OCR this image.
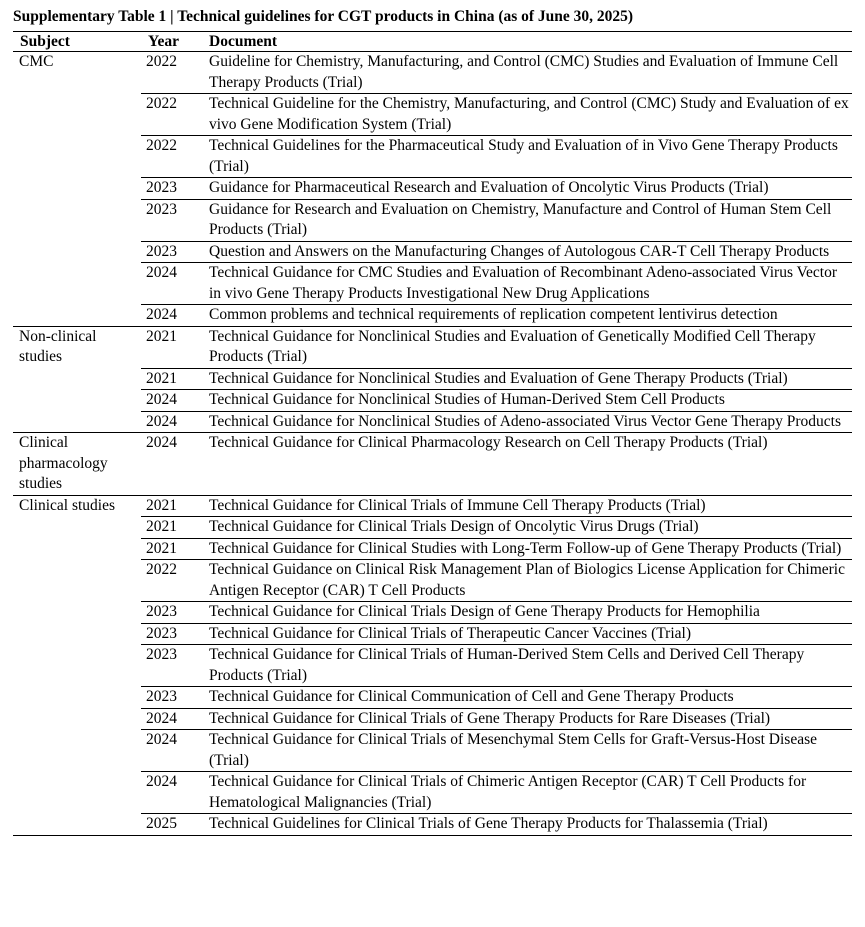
Supplementary Table 1 | Technical guidelines for CGT products in China (as of June 30, 2025)
Subject	Year	Document
CMC	2022	Guideline for Chemistry, Manufacturing, and Control (CMC) Studies and Evaluation of Immune Cell Therapy Products (Trial)
	2022	Technical Guideline for the Chemistry, Manufacturing, and Control (CMC) Study and Evaluation of ex vivo Gene Modification System (Trial)
	2022	Technical Guidelines for the Pharmaceutical Study and Evaluation of in Vivo Gene Therapy Products (Trial)
	2023	Guidance for Pharmaceutical Research and Evaluation of Oncolytic Virus Products (Trial)
	2023	Guidance for Research and Evaluation on Chemistry, Manufacture and Control of Human Stem Cell Products (Trial)
	2023	Question and Answers on the Manufacturing Changes of Autologous CAR-T Cell Therapy Products
	2024	Technical Guidance for CMC Studies and Evaluation of Recombinant Adeno-associated Virus Vector in vivo Gene Therapy Products Investigational New Drug Applications
	2024	Common problems and technical requirements of replication competent lentivirus detection
Non-clinical studies	2021	Technical Guidance for Nonclinical Studies and Evaluation of Genetically Modified Cell Therapy Products (Trial)
	2021	Technical Guidance for Nonclinical Studies and Evaluation of Gene Therapy Products (Trial)
	2024	Technical Guidance for Nonclinical Studies of Human-Derived Stem Cell Products
	2024	Technical Guidance for Nonclinical Studies of Adeno-associated Virus Vector Gene Therapy Products
Clinical pharmacology studies	2024	Technical Guidance for Clinical Pharmacology Research on Cell Therapy Products (Trial)
Clinical studies	2021	Technical Guidance for Clinical Trials of Immune Cell Therapy Products (Trial)
	2021	Technical Guidance for Clinical Trials Design of Oncolytic Virus Drugs (Trial)
	2021	Technical Guidance for Clinical Studies with Long-Term Follow-up of Gene Therapy Products (Trial)
	2022	Technical Guidance on Clinical Risk Management Plan of Biologics License Application for Chimeric Antigen Receptor (CAR) T Cell Products
	2023	Technical Guidance for Clinical Trials Design of Gene Therapy Products for Hemophilia
	2023	Technical Guidance for Clinical Trials of Therapeutic Cancer Vaccines (Trial)
	2023	Technical Guidance for Clinical Trials of Human-Derived Stem Cells and Derived Cell Therapy Products (Trial)
	2023	Technical Guidance for Clinical Communication of Cell and Gene Therapy Products
	2024	Technical Guidance for Clinical Trials of Gene Therapy Products for Rare Diseases (Trial)
	2024	Technical Guidance for Clinical Trials of Mesenchymal Stem Cells for Graft-Versus-Host Disease (Trial)
	2024	Technical Guidance for Clinical Trials of Chimeric Antigen Receptor (CAR) T Cell Products for Hematological Malignancies (Trial)
	2025	Technical Guidelines for Clinical Trials of Gene Therapy Products for Thalassemia (Trial)
